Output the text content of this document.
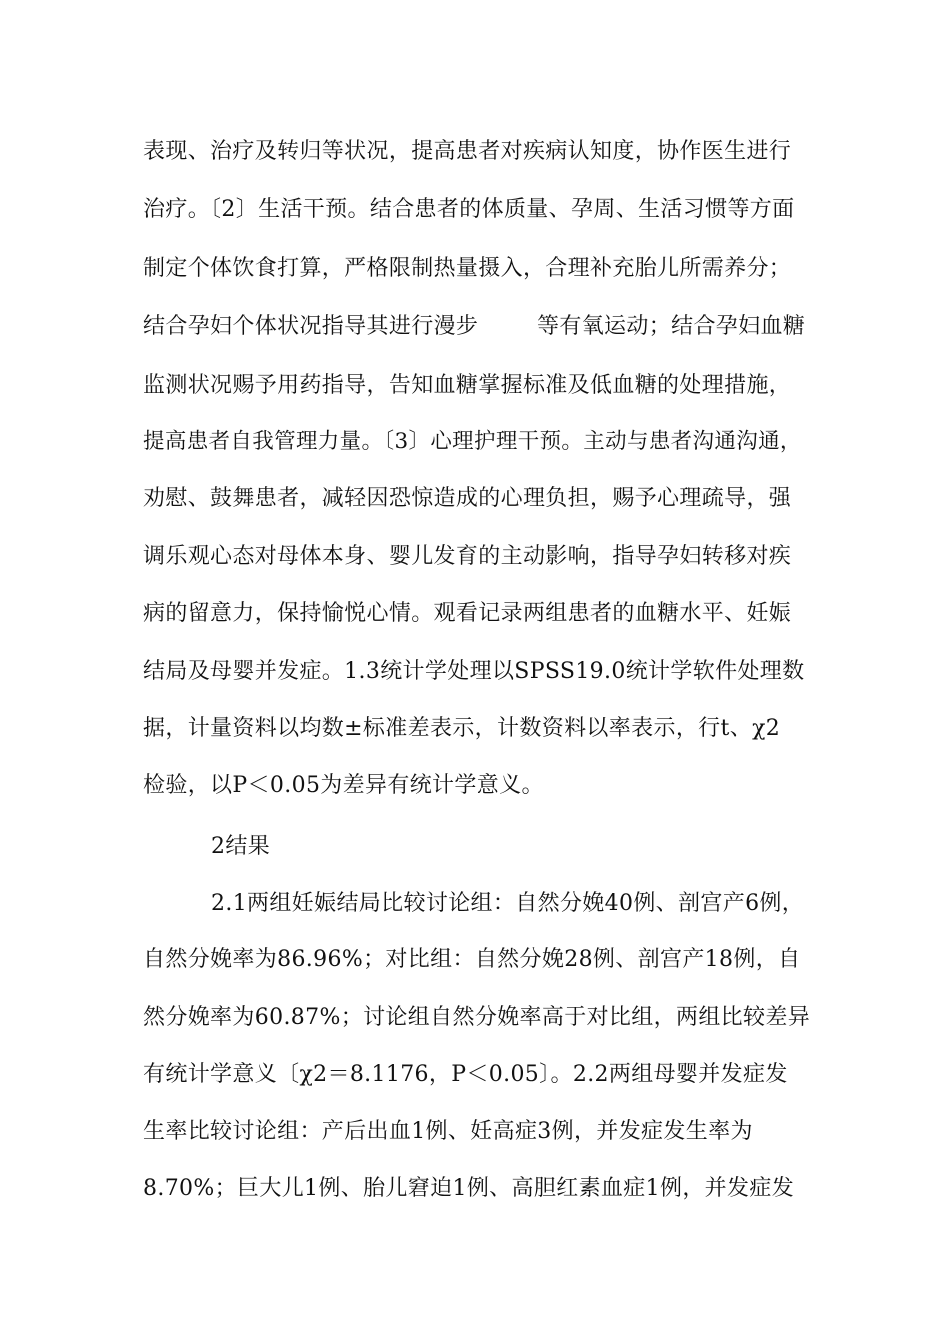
表现、治疗及转归等状况，提高患者对疾病认知度，协作医生进行
治疗。〔2〕生活干预。结合患者的体质量、孕周、生活习惯等方面
制定个体饮食打算，严格限制热量摄入，合理补充胎儿所需养分；
结合孕妇个体状况指导其进行漫步        等有氧运动；结合孕妇血糖
监测状况赐予用药指导，告知血糖掌握标准及低血糖的处理措施，
提高患者自我管理力量。〔3〕心理护理干预。主动与患者沟通沟通，
劝慰、鼓舞患者，减轻因恐惊造成的心理负担，赐予心理疏导，强
调乐观心态对母体本身、婴儿发育的主动影响，指导孕妇转移对疾
病的留意力，保持愉悦心情。观看记录两组患者的血糖水平、妊娠
结局及母婴并发症。1.3统计学处理以SPSS19.0统计学软件处理数
据，计量资料以均数±标准差表示，计数资料以率表示，行t、χ2
检验，以P＜0.05为差异有统计学意义。
2结果
2.1两组妊娠结局比较讨论组：自然分娩40例、剖宫产6例，
自然分娩率为86.96%；对比组：自然分娩28例、剖宫产18例，自
然分娩率为60.87%；讨论组自然分娩率高于对比组，两组比较差异
有统计学意义〔χ2＝8.1176，P＜0.05〕。2.2两组母婴并发症发
生率比较讨论组：产后出血1例、妊高症3例，并发症发生率为
8.70%；巨大儿1例、胎儿窘迫1例、高胆红素血症1例，并发症发
